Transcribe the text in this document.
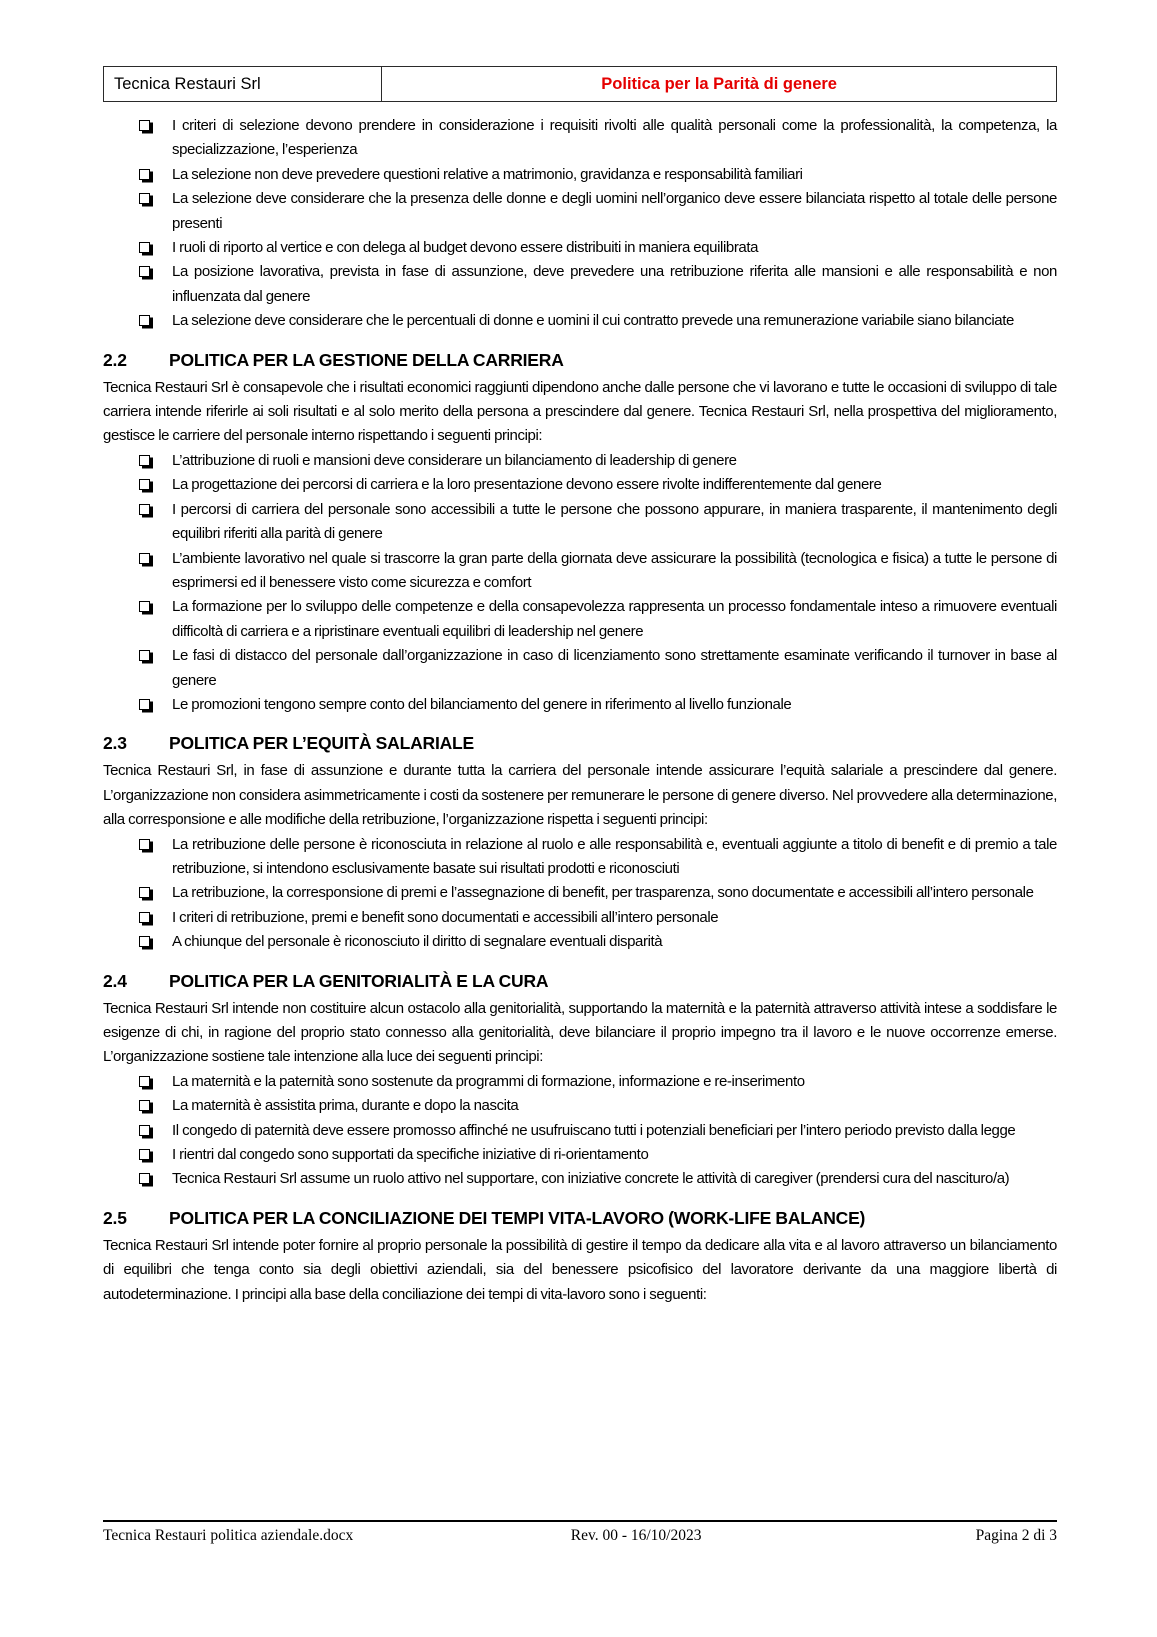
Tecnica Restauri Srl	Politica per la Parità di genere
I criteri di selezione devono prendere in considerazione i requisiti rivolti alle qualità personali come la professionalità, la competenza, la specializzazione, l’esperienza
La selezione non deve prevedere questioni relative a matrimonio, gravidanza e responsabilità familiari
La selezione deve considerare che la presenza delle donne e degli uomini nell’organico deve essere bilanciata rispetto al totale delle persone presenti
I ruoli di riporto al vertice e con delega al budget devono essere distribuiti in maniera equilibrata
La posizione lavorativa, prevista in fase di assunzione, deve prevedere una retribuzione riferita alle mansioni e alle responsabilità e non influenzata dal genere
La selezione deve considerare che le percentuali di donne e uomini il cui contratto prevede una remunerazione variabile siano bilanciate
2.2	POLITICA PER LA GESTIONE DELLA CARRIERA

Tecnica Restauri Srl è consapevole che i risultati economici raggiunti dipendono anche dalle persone che vi lavorano e tutte le occasioni di sviluppo di tale carriera intende riferirle ai soli risultati e al solo merito della persona a prescindere dal genere. Tecnica Restauri Srl, nella prospettiva del miglioramento, gestisce le carriere del personale interno rispettando i seguenti principi:

L’attribuzione di ruoli e mansioni deve considerare un bilanciamento di leadership di genere
La progettazione dei percorsi di carriera e la loro presentazione devono essere rivolte indifferentemente dal genere
I percorsi di carriera del personale sono accessibili a tutte le persone che possono appurare, in maniera trasparente, il mantenimento degli equilibri riferiti alla parità di genere
L’ambiente lavorativo nel quale si trascorre la gran parte della giornata deve assicurare la possibilità (tecnologica e fisica) a tutte le persone di esprimersi ed il benessere visto come sicurezza e comfort
La formazione per lo sviluppo delle competenze e della consapevolezza rappresenta un processo fondamentale inteso a rimuovere eventuali difficoltà di carriera e a ripristinare eventuali equilibri di leadership nel genere
Le fasi di distacco del personale dall’organizzazione in caso di licenziamento sono strettamente esaminate verificando il turnover in base al genere
Le promozioni tengono sempre conto del bilanciamento del genere in riferimento al livello funzionale
2.3	POLITICA PER L’EQUITÀ SALARIALE

Tecnica Restauri Srl, in fase di assunzione e durante tutta la carriera del personale intende assicurare l’equità salariale a prescindere dal genere. L’organizzazione non considera asimmetricamente i costi da sostenere per remunerare le persone di genere diverso. Nel provvedere alla determinazione, alla corresponsione e alle modifiche della retribuzione, l’organizzazione rispetta i seguenti principi:

La retribuzione delle persone è riconosciuta in relazione al ruolo e alle responsabilità e, eventuali aggiunte a titolo di benefit e di premio a tale retribuzione, si intendono esclusivamente basate sui risultati prodotti e riconosciuti
La retribuzione, la corresponsione di premi e l’assegnazione di benefit, per trasparenza, sono documentate e accessibili all’intero personale
I criteri di retribuzione, premi e benefit sono documentati e accessibili all’intero personale
A chiunque del personale è riconosciuto il diritto di segnalare eventuali disparità
2.4	POLITICA PER LA GENITORIALITÀ E LA CURA

Tecnica Restauri Srl intende non costituire alcun ostacolo alla genitorialità, supportando la maternità e la paternità attraverso attività intese a soddisfare le esigenze di chi, in ragione del proprio stato connesso alla genitorialità, deve bilanciare il proprio impegno tra il lavoro e le nuove occorrenze emerse. L’organizzazione sostiene tale intenzione alla luce dei seguenti principi:

La maternità e la paternità sono sostenute da programmi di formazione, informazione e re-inserimento
La maternità è assistita prima, durante e dopo la nascita
Il congedo di paternità deve essere promosso affinché ne usufruiscano tutti i potenziali beneficiari per l’intero periodo previsto dalla legge
I rientri dal congedo sono supportati da specifiche iniziative di ri-orientamento
Tecnica Restauri Srl assume un ruolo attivo nel supportare, con iniziative concrete le attività di caregiver (prendersi cura del nascituro/a)
2.5	POLITICA PER LA CONCILIAZIONE DEI TEMPI VITA-LAVORO (WORK-LIFE BALANCE)

Tecnica Restauri Srl intende poter fornire al proprio personale la possibilità di gestire il tempo da dedicare alla vita e al lavoro attraverso un bilanciamento di equilibri che tenga conto sia degli obiettivi aziendali, sia del benessere psicofisico del lavoratore derivante da una maggiore libertà di autodeterminazione. I principi alla base della conciliazione dei tempi di vita-lavoro sono i seguenti:

Tecnica Restauri politica aziendale.docx	Rev. 00 - 16/10/2023	Pagina 2 di 3
